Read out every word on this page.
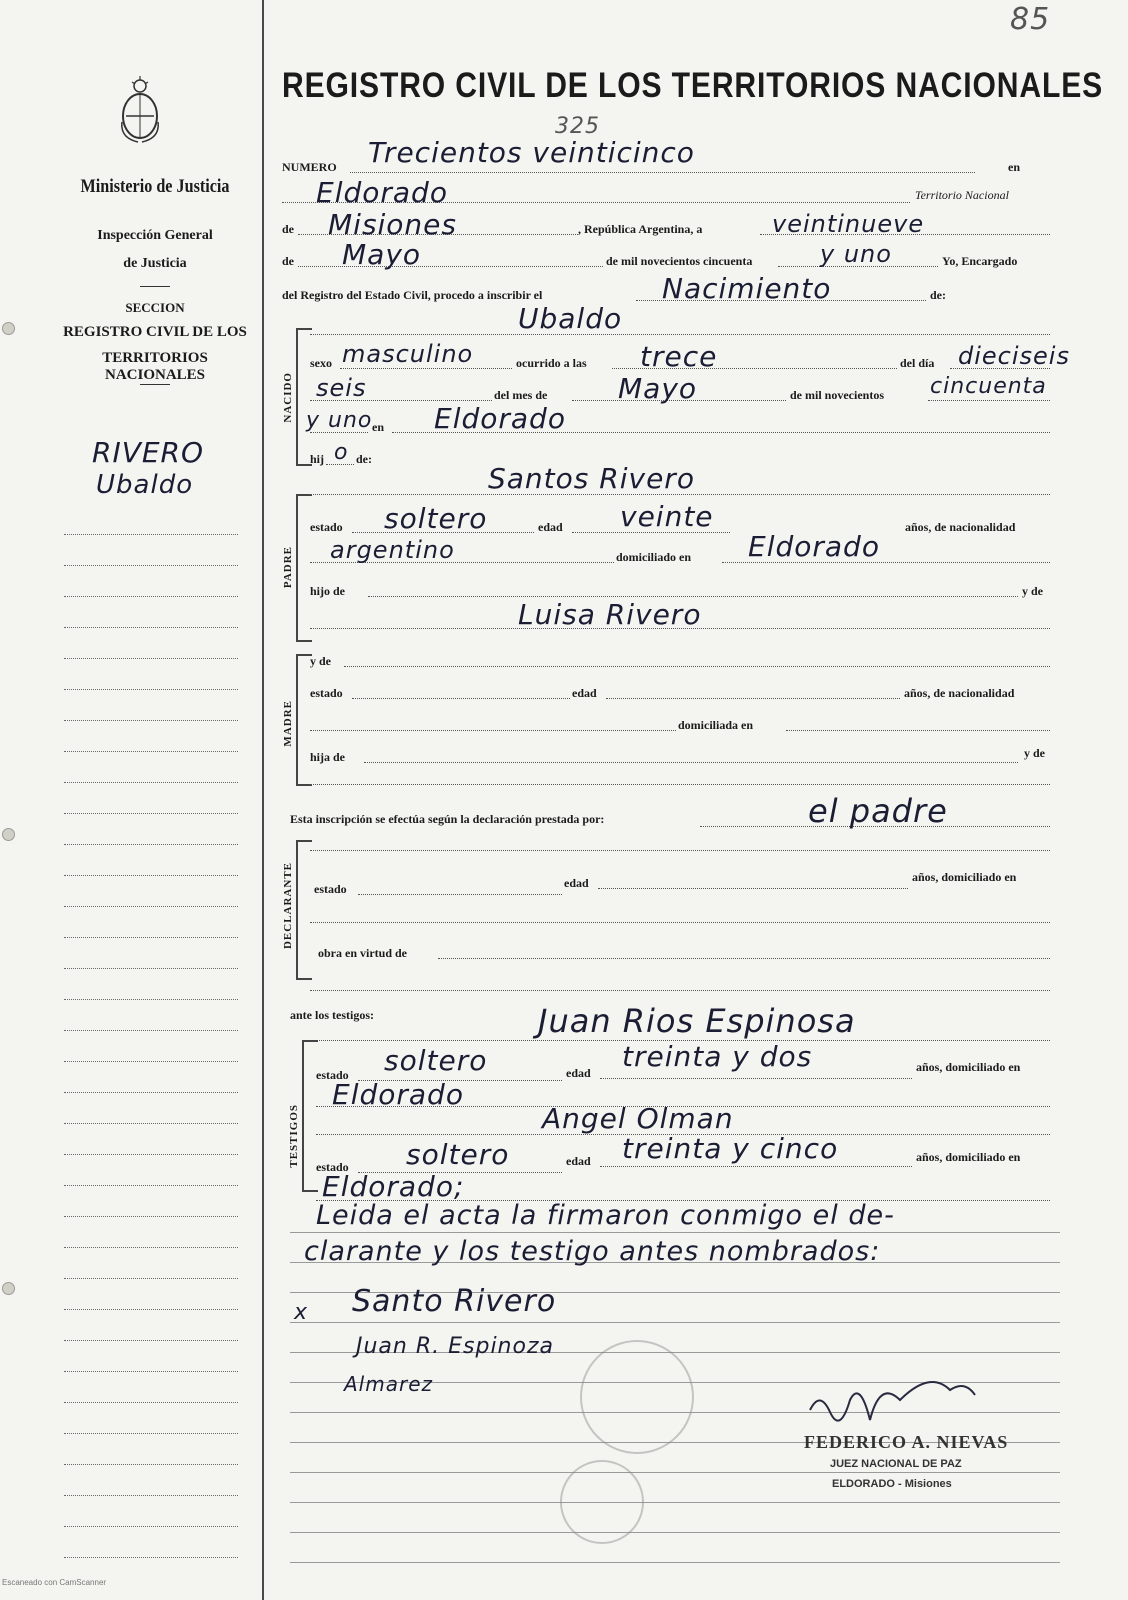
Ministerio de Justicia
Inspección General
de Justicia
SECCION
REGISTRO CIVIL DE LOS
TERRITORIOS NACIONALES
RIVERO
Ubaldo
85
REGISTRO CIVIL DE LOS TERRITORIOS NACIONALES
NUMERO Trecientos veinticinco
325
en
Eldorado	Territorio Nacional
de Misiones	, República Argentina, a	veintinueve
de Mayo	de mil novecientos cincuenta	y uno	Yo, Encargado
del Registro del Estado Civil, procedo a inscribir el	Nacimiento	de:
NACIDO
Ubaldo
sexo masculino	ocurrido a las trece	del día dieciseis
seis	del mes de	Mayo	de mil novecientos cincuenta
y uno en Eldorado
hij o de:
PADRE
Santos Rivero
estado soltero	edad veinte	años, de nacionalidad
argentino	domiciliado en Eldorado
hijo de	y de
Luisa Rivero
MADRE
y de
estado	edad	años, de nacionalidad
domiciliada en
hija de	y de
Esta inscripción se efectúa según la declaración prestada por:	el padre
DECLARANTE estado	edad	años, domiciliado en
obra en virtud de
ante los testigos:	Juan Rios Espinosa
TESTIGOS
estado soltero	edad treinta y dos	años, domiciliado en
Eldorado
Angel Olman
estado soltero	edad treinta y cinco	años, domiciliado en
Eldorado;
Leida el acta la firmaron conmigo el de-
clarante y los testigo antes nombrados:
x Santo Rivero
Juan R. Espinoza
Almarez
FEDERICO A. NIEVAS
JUEZ NACIONAL DE PAZ
ELDORADO - Misiones
Escaneado con CamScanner
